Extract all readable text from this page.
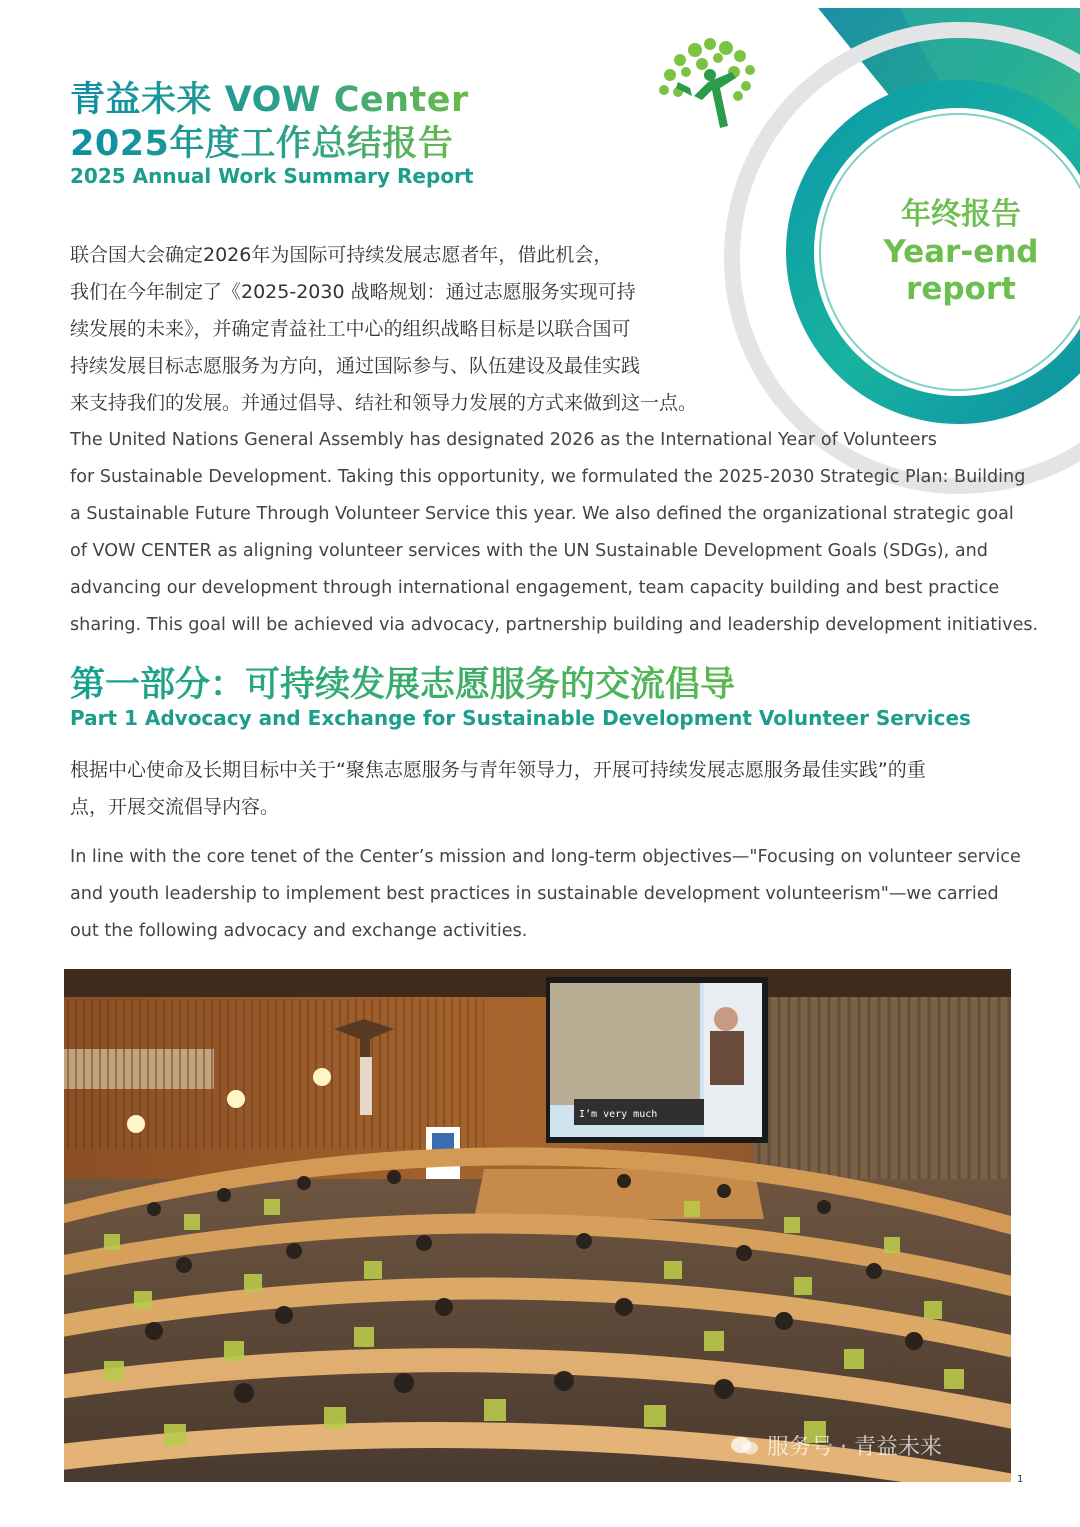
青益未来 VOW Center
2025年度工作总结报告
2025 Annual Work Summary Report
年终报告
Year-end
report
联合国大会确定2026年为国际可持续发展志愿者年，借此机会，
我们在今年制定了《2025-2030 战略规划：通过志愿服务实现可持
续发展的未来》，并确定青益社工中心的组织战略目标是以联合国可
持续发展目标志愿服务为方向，通过国际参与、队伍建设及最佳实践
来支持我们的发展。并通过倡导、结社和领导力发展的方式来做到这一点。
The United Nations General Assembly has designated 2026 as the International Year of Volunteers
for Sustainable Development. Taking this opportunity, we formulated the 2025-2030 Strategic Plan: Building
a Sustainable Future Through Volunteer Service this year. We also defined the organizational strategic goal
of VOW CENTER as aligning volunteer services with the UN Sustainable Development Goals (SDGs), and
advancing our development through international engagement, team capacity building and best practice
sharing. This goal will be achieved via advocacy, partnership building and leadership development initiatives.
第一部分：可持续发展志愿服务的交流倡导
Part 1 Advocacy and Exchange for Sustainable Development Volunteer Services
根据中心使命及长期目标中关于“聚焦志愿服务与青年领导力，开展可持续发展志愿服务最佳实践”的重
点，开展交流倡导内容。
In line with the core tenet of the Center’s mission and long-term objectives—"Focusing on volunteer service
and youth leadership to implement best practices in sustainable development volunteerism"—we carried
out the following advocacy and exchange activities.
I’m very much
服务号 · 青益未来
1
